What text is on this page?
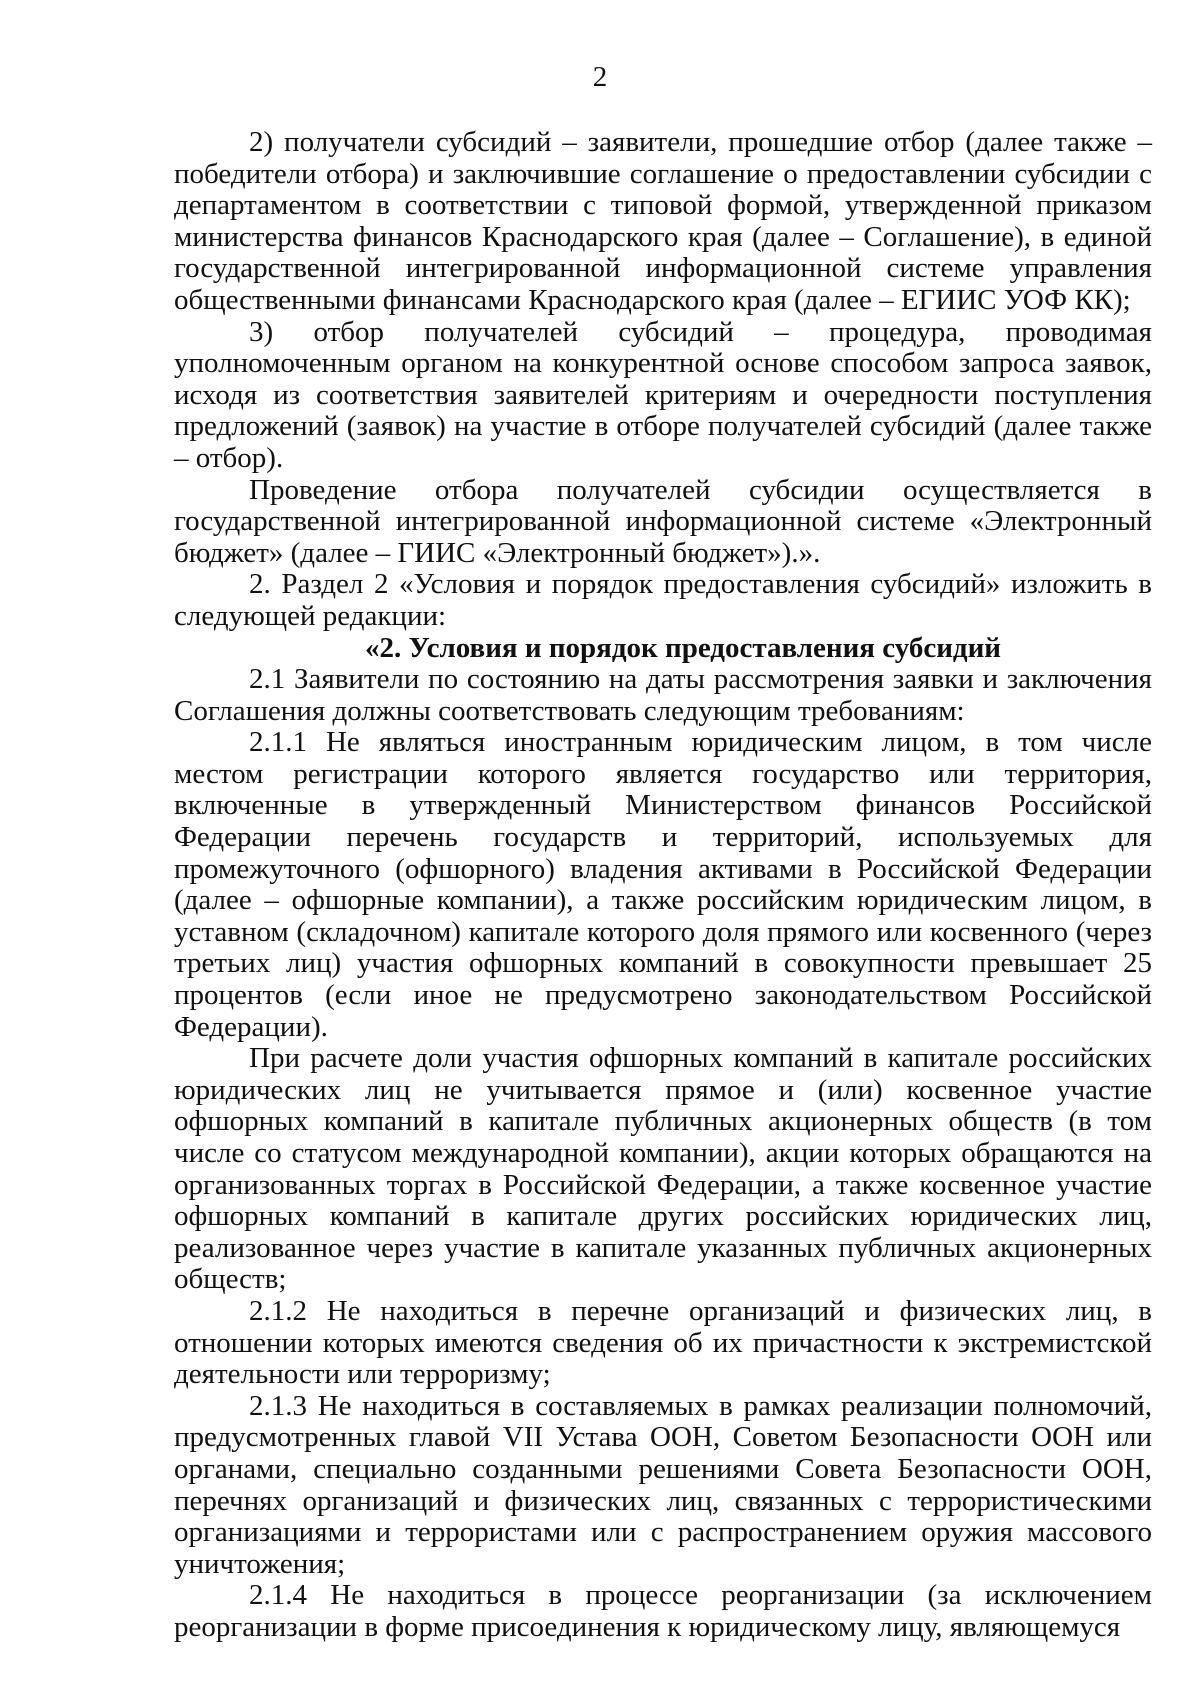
2

2) получатели субсидий – заявители, прошедшие отбор (далее также – победители отбора) и заключившие соглашение о предоставлении субсидии с департаментом в соответствии с типовой формой, утвержденной приказом министерства финансов Краснодарского края (далее – Соглашение), в единой государственной интегрированной информационной системе управления общественными финансами Краснодарского края (далее – ЕГИИС УОФ КК);

3) отбор получателей субсидий – процедура, проводимая уполномоченным органом на конкурентной основе способом запроса заявок, исходя из соответствия заявителей критериям и очередности поступления предложений (заявок) на участие в отборе получателей субсидий (далее также – отбор).

Проведение отбора получателей субсидии осуществляется в государственной интегрированной информационной системе «Электронный бюджет» (далее – ГИИС «Электронный бюджет»).».

2. Раздел 2 «Условия и порядок предоставления субсидий» изложить в следующей редакции:

«2. Условия и порядок предоставления субсидий

2.1 Заявители по состоянию на даты рассмотрения заявки и заключения Соглашения должны соответствовать следующим требованиям:

2.1.1 Не являться иностранным юридическим лицом, в том числе местом регистрации которого является государство или территория, включенные в утвержденный Министерством финансов Российской Федерации перечень государств и территорий, используемых для промежуточного (офшорного) владения активами в Российской Федерации (далее – офшорные компании), а также российским юридическим лицом, в уставном (складочном) капитале которого доля прямого или косвенного (через третьих лиц) участия офшорных компаний в совокупности превышает 25 процентов (если иное не предусмотрено законодательством Российской Федерации).

При расчете доли участия офшорных компаний в капитале российских юридических лиц не учитывается прямое и (или) косвенное участие офшорных компаний в капитале публичных акционерных обществ (в том числе со статусом международной компании), акции которых обращаются на организованных торгах в Российской Федерации, а также косвенное участие офшорных компаний в капитале других российских юридических лиц, реализованное через участие в капитале указанных публичных акционерных обществ;

2.1.2 Не находиться в перечне организаций и физических лиц, в отношении которых имеются сведения об их причастности к экстремистской деятельности или терроризму;

2.1.3 Не находиться в составляемых в рамках реализации полномочий, предусмотренных главой VII Устава ООН, Советом Безопасности ООН или органами, специально созданными решениями Совета Безопасности ООН, перечнях организаций и физических лиц, связанных с террористическими организациями и террористами или с распространением оружия массового уничтожения;

2.1.4 Не находиться в процессе реорганизации (за исключением реорганизации в форме присоединения к юридическому лицу, являющемуся
